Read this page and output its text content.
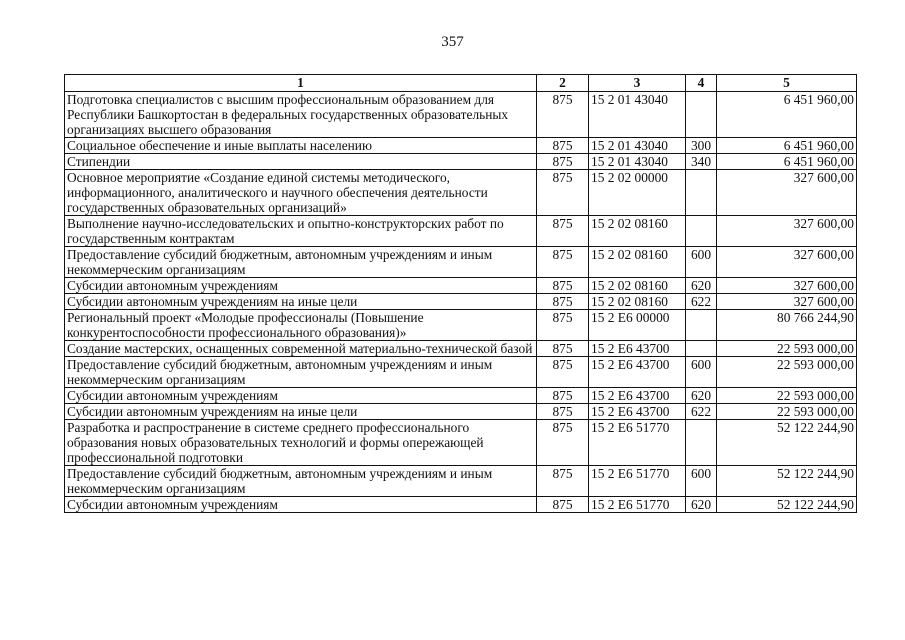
357
1	2	3	4	5
Подготовка специалистов с высшим профессиональным образованием для Республики Башкортостан в федеральных государственных образовательных организациях высшего образования	875	15 2 01 43040		6 451 960,00
Социальное обеспечение и иные выплаты населению	875	15 2 01 43040	300	6 451 960,00
Стипендии	875	15 2 01 43040	340	6 451 960,00
Основное мероприятие «Создание единой системы методического, информационного, аналитического и научного обеспечения деятельности государственных образовательных организаций»	875	15 2 02 00000		327 600,00
Выполнение научно-исследовательских и опытно-конструкторских работ по государственным контрактам	875	15 2 02 08160		327 600,00
Предоставление субсидий бюджетным, автономным учреждениям и иным некоммерческим организациям	875	15 2 02 08160	600	327 600,00
Субсидии автономным учреждениям	875	15 2 02 08160	620	327 600,00
Субсидии автономным учреждениям на иные цели	875	15 2 02 08160	622	327 600,00
Региональный проект «Молодые профессионалы (Повышение конкурентоспособности профессионального образования)»	875	15 2 E6 00000		80 766 244,90
Создание мастерских, оснащенных современной материально-технической базой	875	15 2 E6 43700		22 593 000,00
Предоставление субсидий бюджетным, автономным учреждениям и иным некоммерческим организациям	875	15 2 E6 43700	600	22 593 000,00
Субсидии автономным учреждениям	875	15 2 E6 43700	620	22 593 000,00
Субсидии автономным учреждениям на иные цели	875	15 2 E6 43700	622	22 593 000,00
Разработка и распространение в системе среднего профессионального образования новых образовательных технологий и формы опережающей профессиональной подготовки	875	15 2 E6 51770		52 122 244,90
Предоставление субсидий бюджетным, автономным учреждениям и иным некоммерческим организациям	875	15 2 E6 51770	600	52 122 244,90
Субсидии автономным учреждениям	875	15 2 E6 51770	620	52 122 244,90
